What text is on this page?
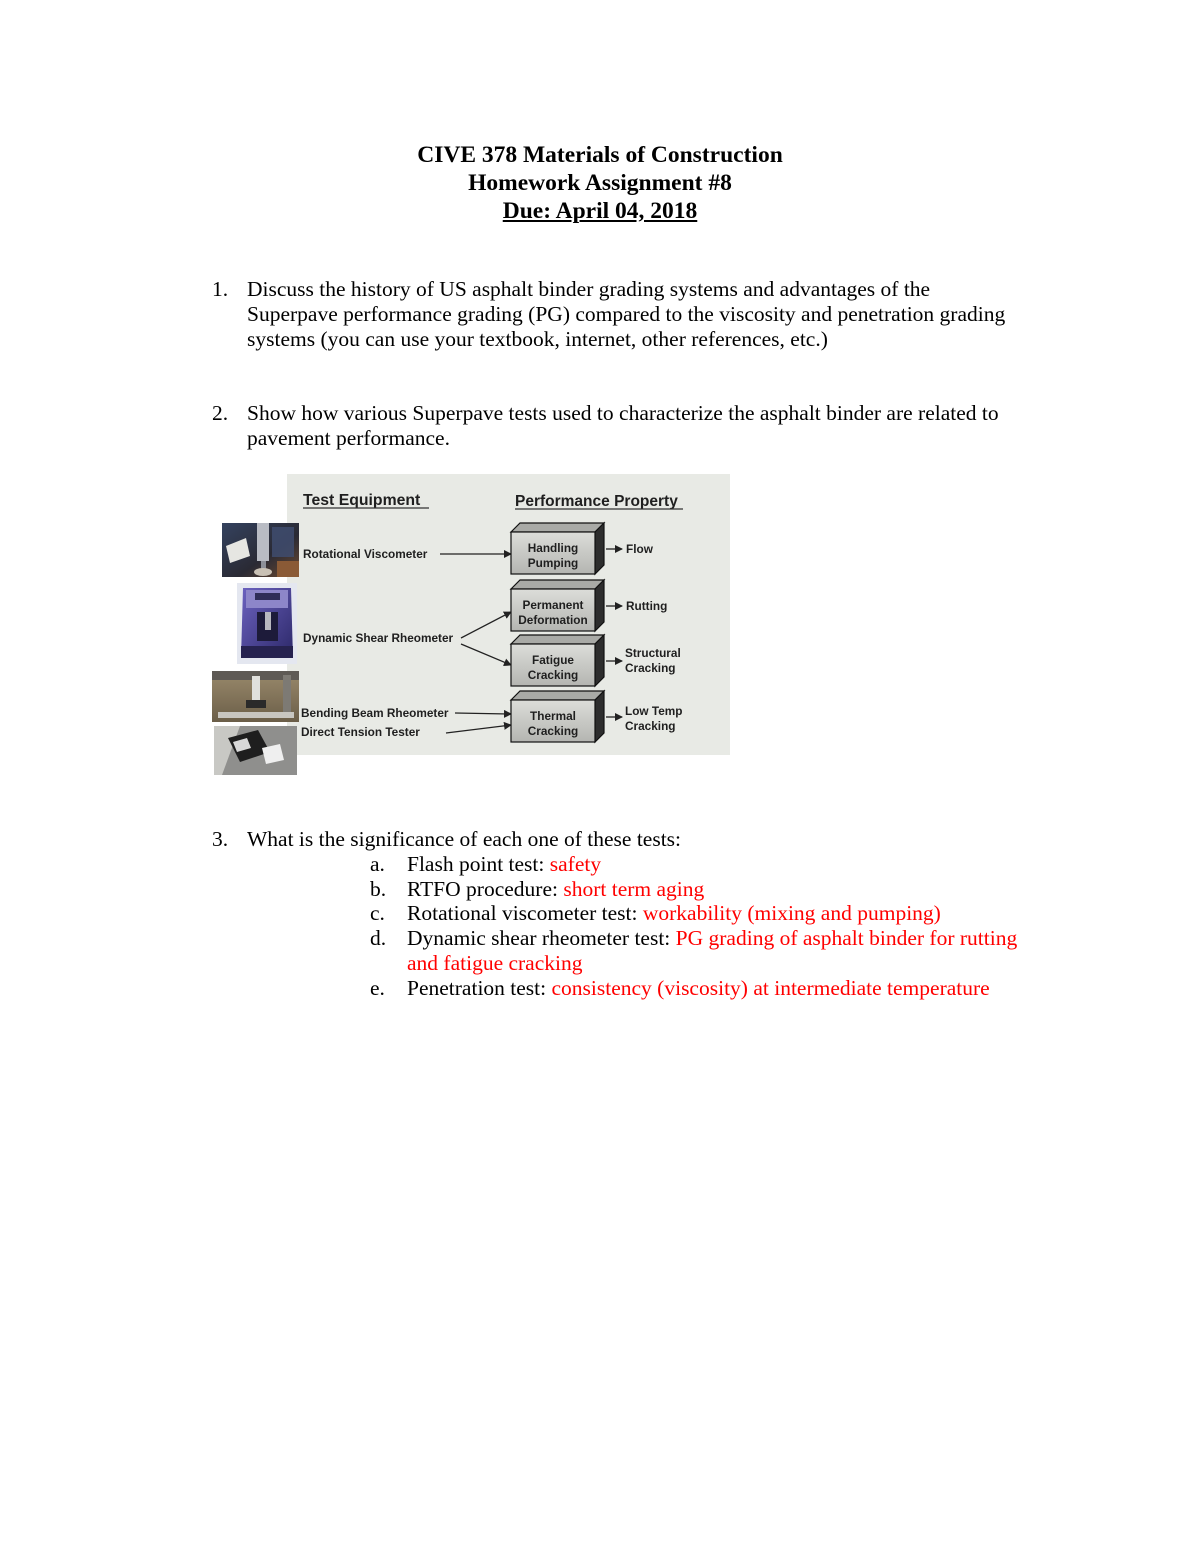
CIVE 378 Materials of Construction
Homework Assignment #8
Due: April 04, 2018
1. Discuss the history of US asphalt binder grading systems and advantages of the
Superpave performance grading (PG) compared to the viscosity and penetration grading
systems (you can use your textbook, internet, other references, etc.)
2. Show how various Superpave tests used to characterize the asphalt binder are related to
pavement performance.
Test Equipment	Performance Property
Rotational Viscometer
Dynamic Shear Rheometer
Bending Beam Rheometer
Direct Tension Tester
Handling
Pumping
Permanent
Deformation
Fatigue
Cracking
Thermal
Cracking
Flow
Rutting
Structural
Cracking
Low Temp
Cracking
3. What is the significance of each one of these tests:
a.	Flash point test: safety
b. RTFO procedure: short term aging
c.	Rotational viscometer test: workability (mixing and pumping)
d. Dynamic shear rheometer test: PG grading of asphalt binder for rutting and fatigue cracking
e.	Penetration test: consistency (viscosity) at intermediate temperature
